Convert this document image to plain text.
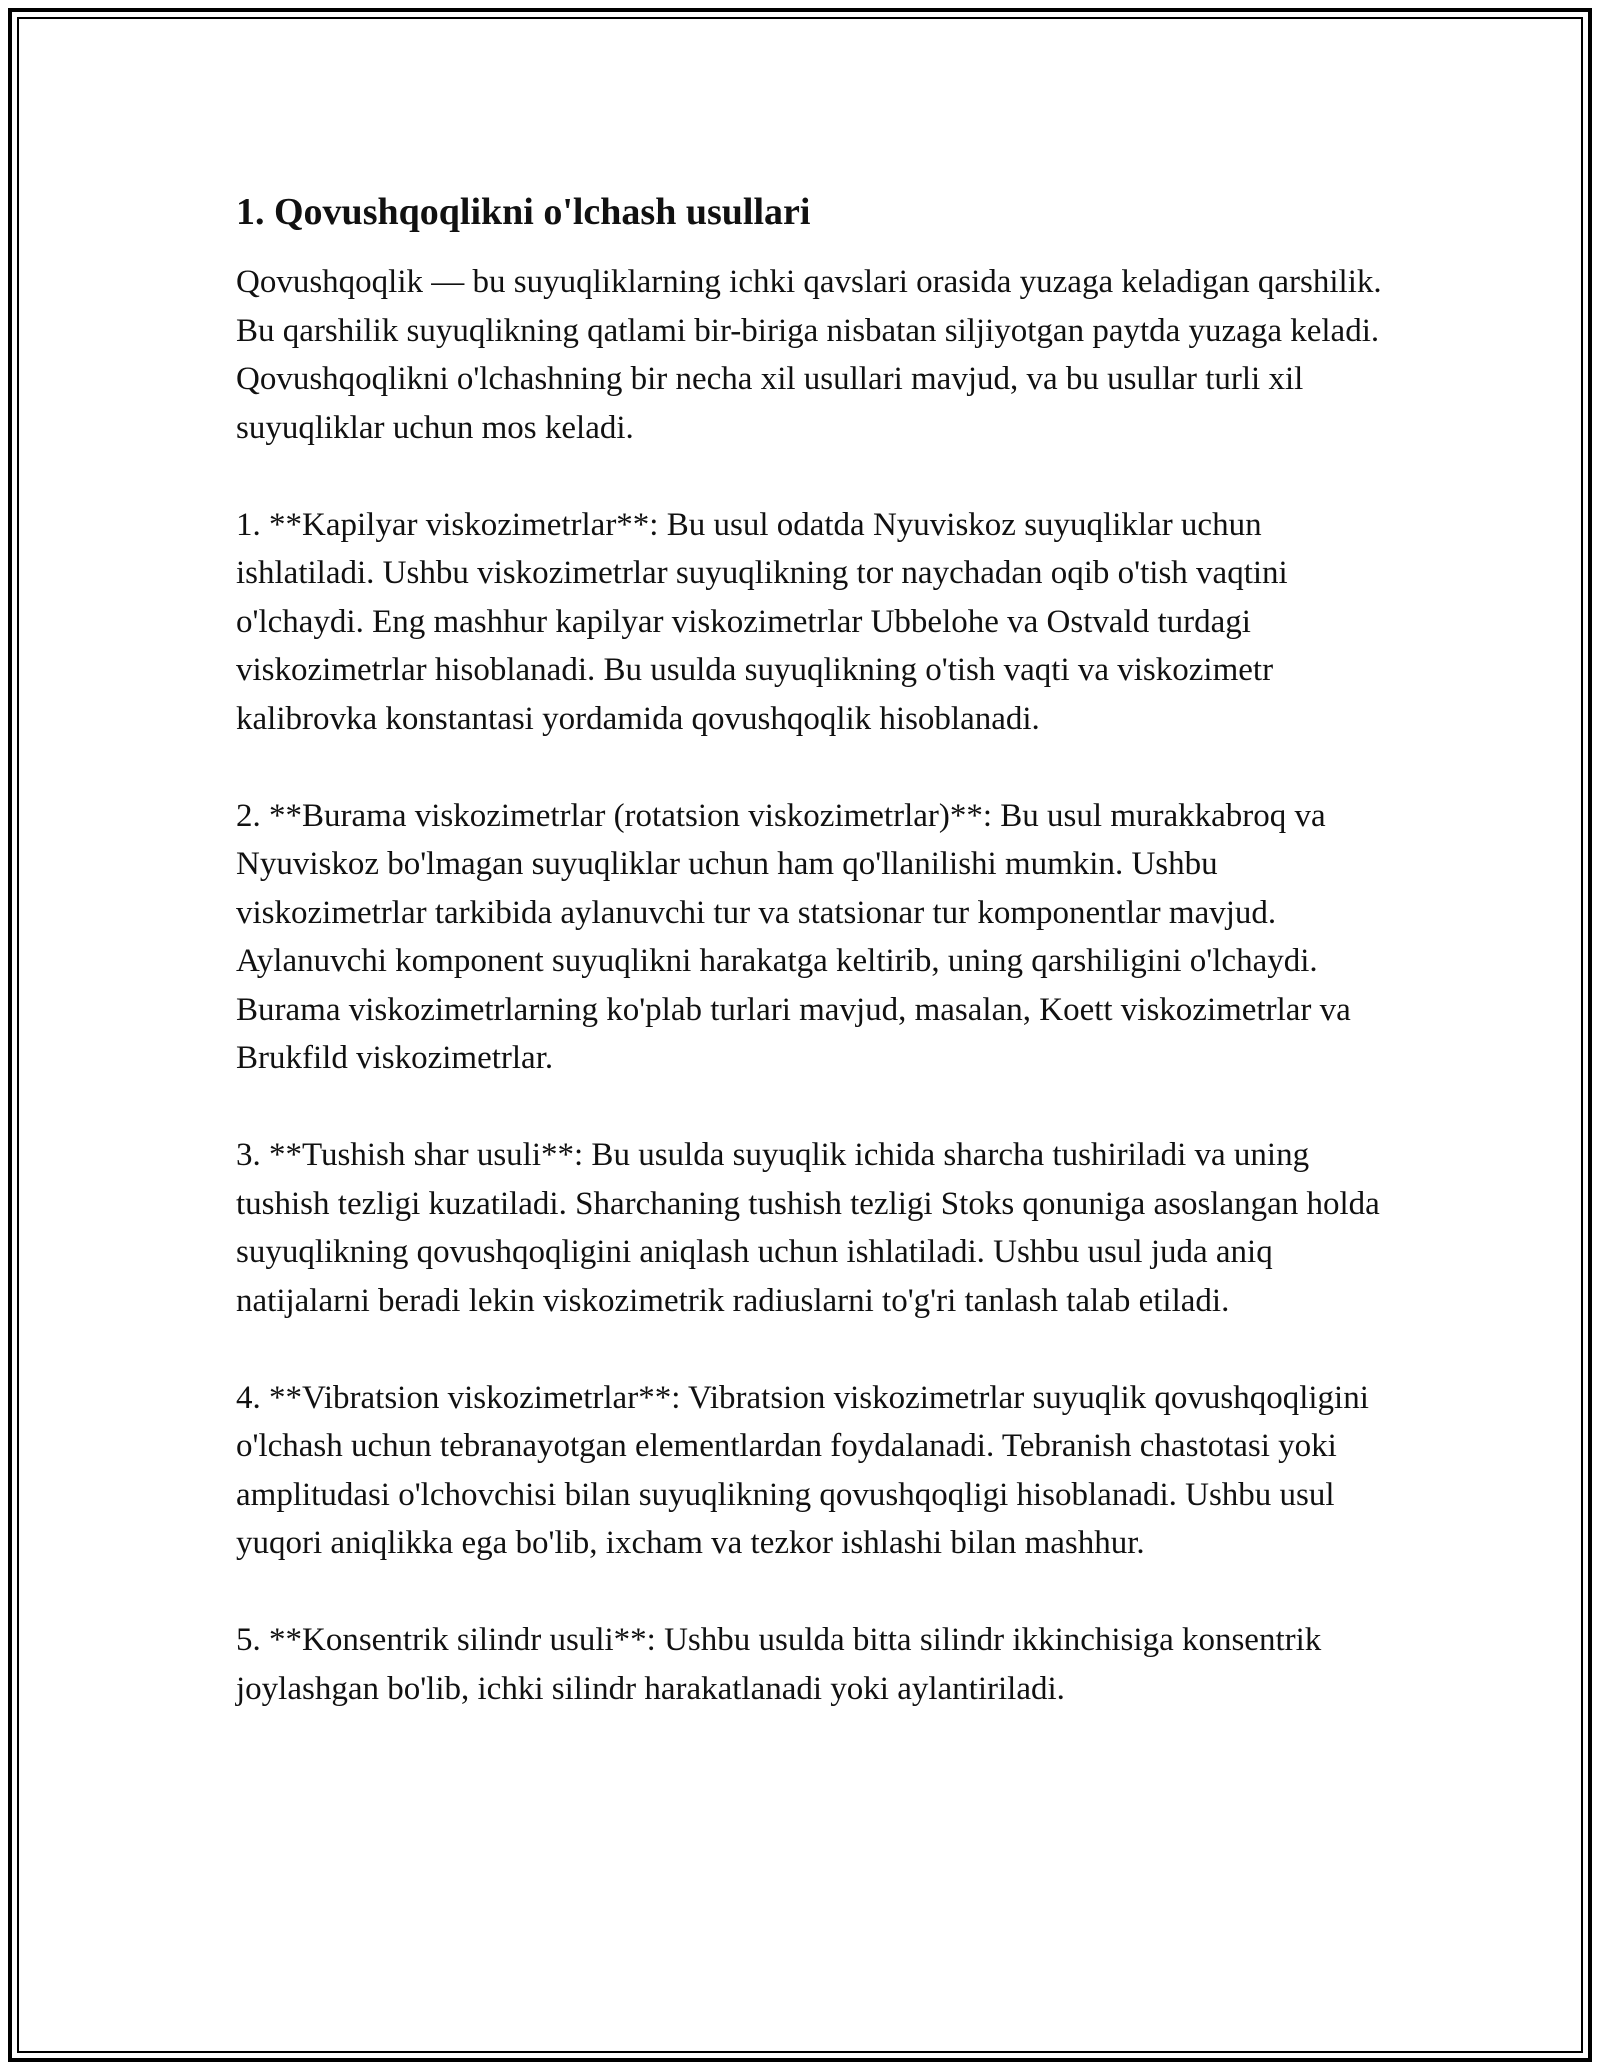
1. Qovushqoqlikni o'lchash usullari

Qovushqoqlik — bu suyuqliklarning ichki qavslari orasida yuzaga keladigan qarshilik. Bu qarshilik suyuqlikning qatlami bir-biriga nisbatan siljiyotgan paytda yuzaga keladi. Qovushqoqlikni o'lchashning bir necha xil usullari mavjud, va bu usullar turli xil suyuqliklar uchun mos keladi.

1. **Kapilyar viskozimetrlar**: Bu usul odatda Nyuviskoz suyuqliklar uchun ishlatiladi. Ushbu viskozimetrlar suyuqlikning tor naychadan oqib o'tish vaqtini o'lchaydi. Eng mashhur kapilyar viskozimetrlar Ubbelohe va Ostvald turdagi viskozimetrlar hisoblanadi. Bu usulda suyuqlikning o'tish vaqti va viskozimetr kalibrovka konstantasi yordamida qovushqoqlik hisoblanadi.

2. **Burama viskozimetrlar (rotatsion viskozimetrlar)**: Bu usul murakkabroq va Nyuviskoz bo'lmagan suyuqliklar uchun ham qo'llanilishi mumkin. Ushbu viskozimetrlar tarkibida aylanuvchi tur va statsionar tur komponentlar mavjud. Aylanuvchi komponent suyuqlikni harakatga keltirib, uning qarshiligini o'lchaydi. Burama viskozimetrlarning ko'plab turlari mavjud, masalan, Koett viskozimetrlar va Brukfild viskozimetrlar.

3. **Tushish shar usuli**: Bu usulda suyuqlik ichida sharcha tushiriladi va uning tushish tezligi kuzatiladi. Sharchaning tushish tezligi Stoks qonuniga asoslangan holda suyuqlikning qovushqoqligini aniqlash uchun ishlatiladi. Ushbu usul juda aniq natijalarni beradi lekin viskozimetrik radiuslarni to'g'ri tanlash talab etiladi.

4. **Vibratsion viskozimetrlar**: Vibratsion viskozimetrlar suyuqlik qovushqoqligini o'lchash uchun tebranayotgan elementlardan foydalanadi. Tebranish chastotasi yoki amplitudasi o'lchovchisi bilan suyuqlikning qovushqoqligi hisoblanadi. Ushbu usul yuqori aniqlikka ega bo'lib, ixcham va tezkor ishlashi bilan mashhur.

5. **Konsentrik silindr usuli**: Ushbu usulda bitta silindr ikkinchisiga konsentrik joylashgan bo'lib, ichki silindr harakatlanadi yoki aylantiriladi.
